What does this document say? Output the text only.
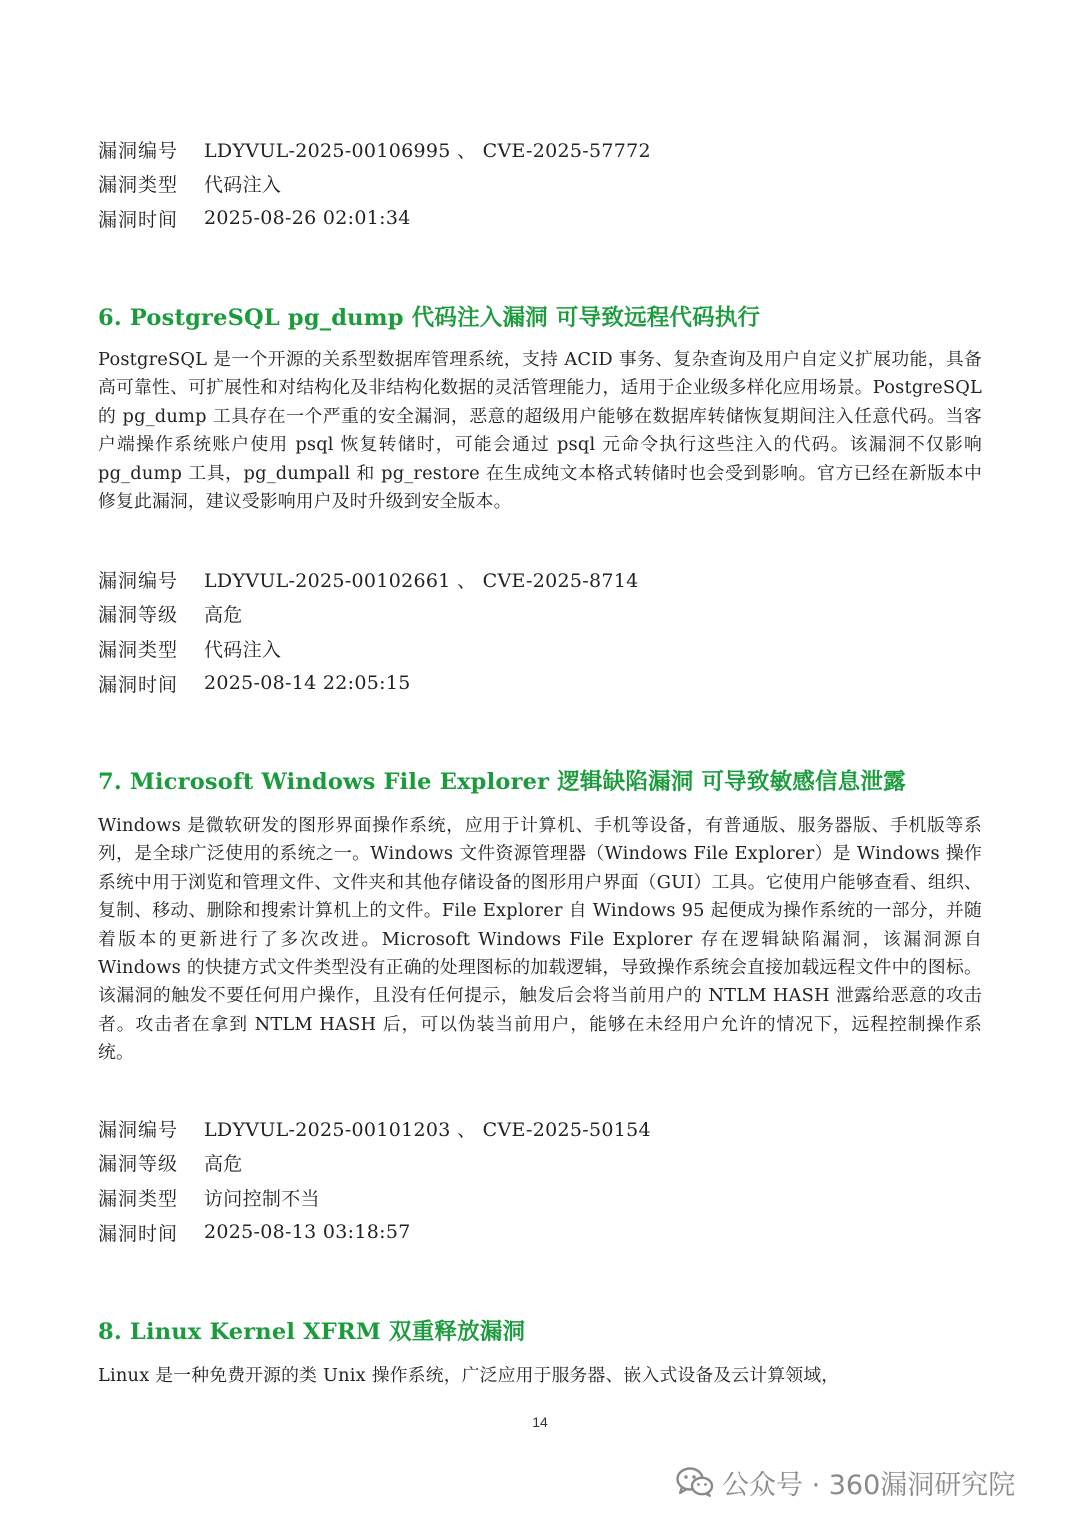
漏洞编号	LDYVUL-2025-00106995 、 CVE-2025-57772
漏洞类型	代码注入
漏洞时间	2025-08-26 02:01:34
6. PostgreSQL pg_dump 代码注入漏洞 可导致远程代码执行
PostgreSQL 是一个开源的关系型数据库管理系统，支持 ACID 事务、复杂查询及用户自定义扩展功能，具备高可靠性、可扩展性和对结构化及非结构化数据的灵活管理能力，适用于企业级多样化应用场景。PostgreSQL 的 pg_dump 工具存在一个严重的安全漏洞，恶意的超级用户能够在数据库转储恢复期间注入任意代码。当客户端操作系统账户使用 psql 恢复转储时，可能会通过 psql 元命令执行这些注入的代码。该漏洞不仅影响 pg_dump 工具，pg_dumpall 和 pg_restore 在生成纯文本格式转储时也会受到影响。官方已经在新版本中修复此漏洞，建议受影响用户及时升级到安全版本。
漏洞编号	LDYVUL-2025-00102661 、 CVE-2025-8714
漏洞等级	高危
漏洞类型	代码注入
漏洞时间	2025-08-14 22:05:15
7. Microsoft Windows File Explorer 逻辑缺陷漏洞 可导致敏感信息泄露
Windows 是微软研发的图形界面操作系统，应用于计算机、手机等设备，有普通版、服务器版、手机版等系列，是全球广泛使用的系统之一。Windows 文件资源管理器（Windows File Explorer）是 Windows 操作系统中用于浏览和管理文件、文件夹和其他存储设备的图形用户界面（GUI）工具。它使用户能够查看、组织、复制、移动、删除和搜索计算机上的文件。File Explorer 自 Windows 95 起便成为操作系统的一部分，并随着版本的更新进行了多次改进。Microsoft Windows File Explorer 存在逻辑缺陷漏洞，该漏洞源自 Windows 的快捷方式文件类型没有正确的处理图标的加载逻辑，导致操作系统会直接加载远程文件中的图标。该漏洞的触发不要任何用户操作，且没有任何提示，触发后会将当前用户的 NTLM HASH 泄露给恶意的攻击者。攻击者在拿到 NTLM HASH 后，可以伪装当前用户，能够在未经用户允许的情况下，远程控制操作系统。
漏洞编号	LDYVUL-2025-00101203 、 CVE-2025-50154
漏洞等级	高危
漏洞类型	访问控制不当
漏洞时间	2025-08-13 03:18:57
8. Linux Kernel XFRM 双重释放漏洞
Linux 是一种免费开源的类 Unix 操作系统，广泛应用于服务器、嵌入式设备及云计算领域，
14
公众号 · 360漏洞研究院
